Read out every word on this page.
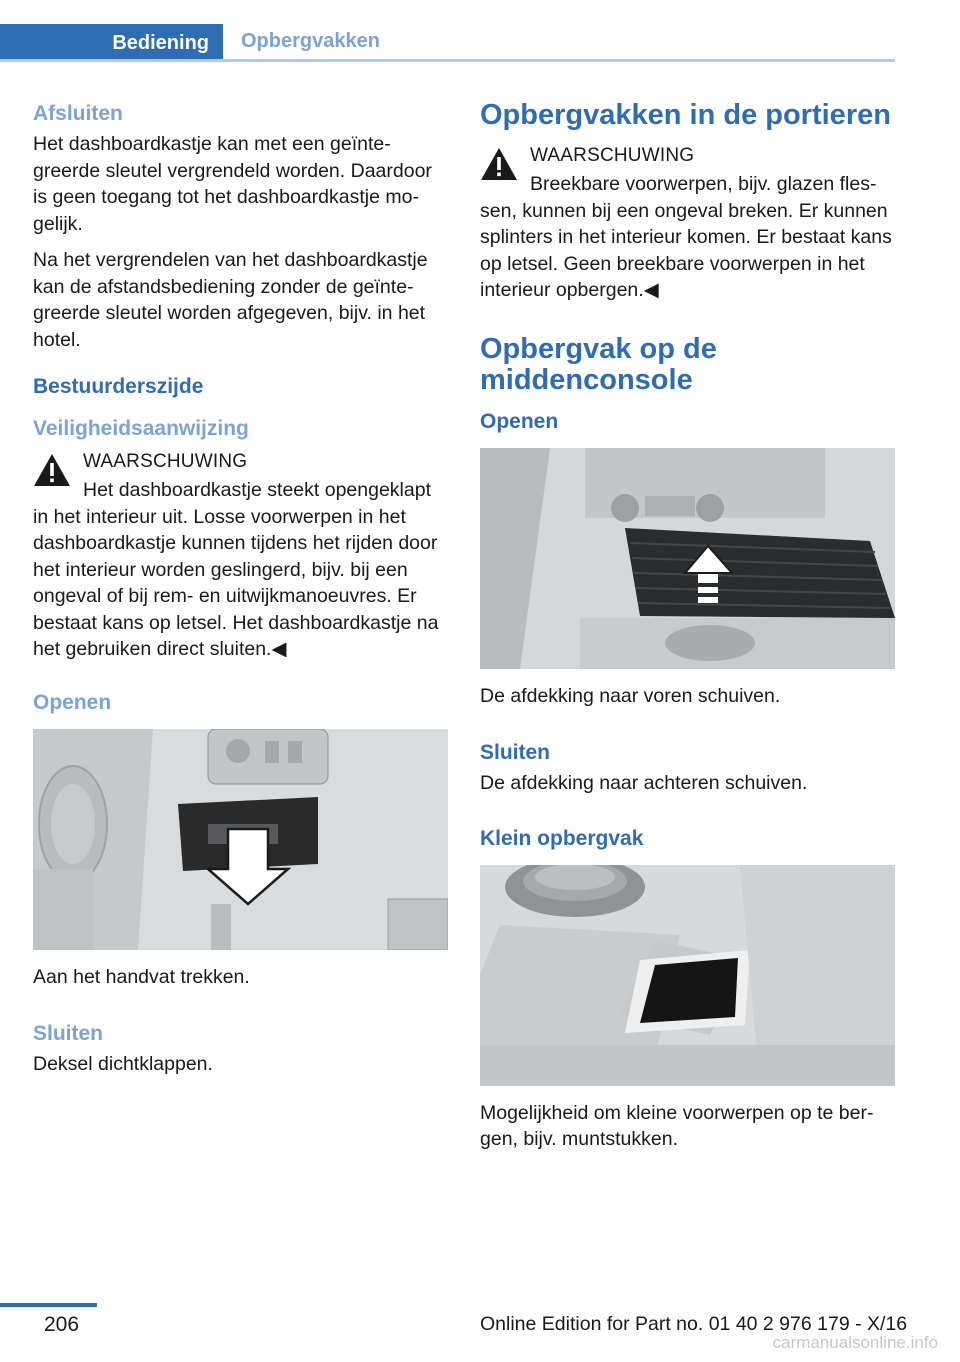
Bediening	Opbergvakken
Afsluiten

Het dashboardkastje kan met een geïntegreerde sleutel vergrendeld worden. Daardoor is geen toegang tot het dashboardkastje mogelijk.

Na het vergrendelen van het dashboardkastje kan de afstandsbediening zonder de geïntegreerde sleutel worden afgegeven, bijv. in het hotel.

Bestuurderszijde
Veiligheidsaanwijzing

WAARSCHUWING

Het dashboardkastje steekt opengeklapt in het interieur uit. Losse voorwerpen in het dashboardkastje kunnen tijdens het rijden door het interieur worden geslingerd, bijv. bij een ongeval of bij rem- en uitwijkmanoeuvres. Er bestaat kans op letsel. Het dashboardkastje na het gebruiken direct sluiten.◀

Openen

Aan het handvat trekken.

Sluiten

Deksel dichtklappen.

Opbergvakken in de portieren

WAARSCHUWING

Breekbare voorwerpen, bijv. glazen flessen, kunnen bij een ongeval breken. Er kunnen splinters in het interieur komen. Er bestaat kans op letsel. Geen breekbare voorwerpen in het interieur opbergen.◀

Opbergvak op de middenconsole
Openen

De afdekking naar voren schuiven.

Sluiten

De afdekking naar achteren schuiven.

Klein opbergvak

Mogelijkheid om kleine voorwerpen op te bergen, bijv. muntstukken.

206	Online Edition for Part no. 01 40 2 976 179 - X/16
carmanualsonline.info
